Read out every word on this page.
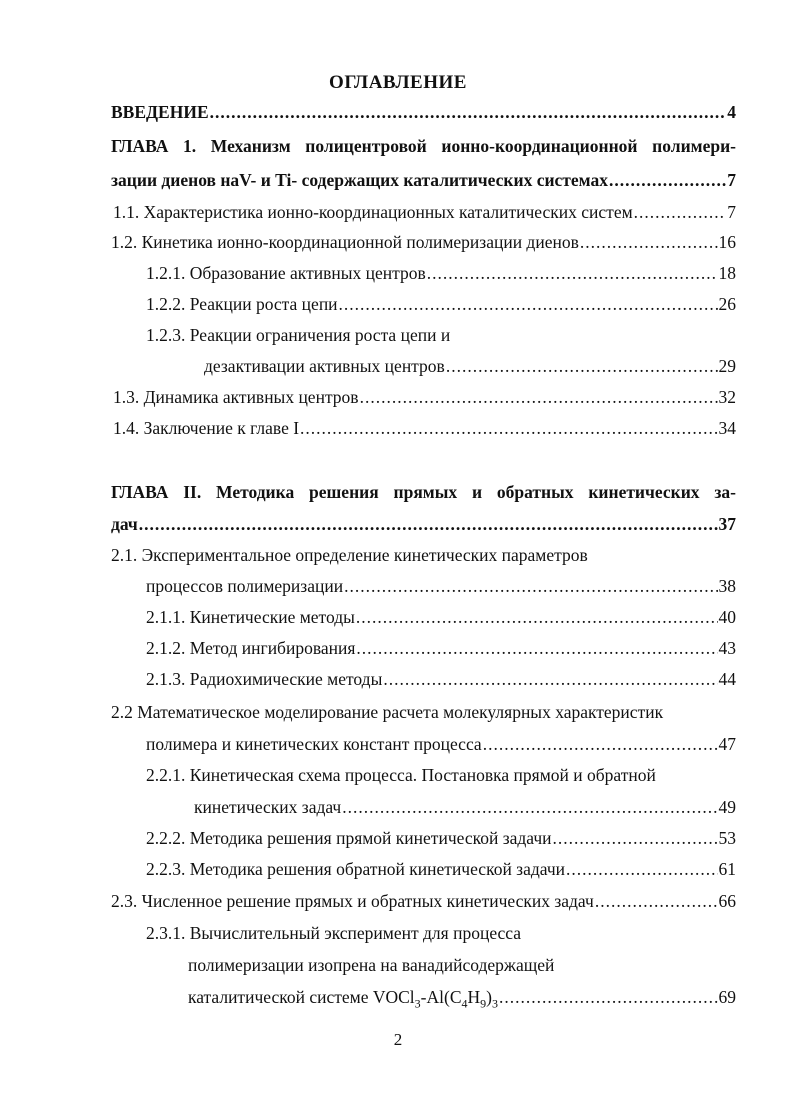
ОГЛАВЛЕНИЕ
ВВЕДЕНИЕ .....	4
ГЛАВА 1. Механизм полицентровой ионно-координационной полимери-
зации диенов наV- и Ti- содержащих каталитических системах .....	7
1.1. Характеристика ионно-координационных каталитических систем .....	7
1.2. Кинетика ионно-координационной полимеризации диенов .....	16
1.2.1. Образование активных центров .....	18
1.2.2. Реакции роста цепи .....	26
1.2.3. Реакции ограничения роста цепи и
дезактивации активных центров .....	29
1.3. Динамика активных центров .....	32
1.4. Заключение к главе I .....	34
ГЛАВА II. Методика решения прямых и обратных кинетических за-
дач .....	37
2.1. Экспериментальное определение кинетических параметров
процессов полимеризации .....	38
2.1.1. Кинетические методы .....	40
2.1.2. Метод ингибирования .....	43
2.1.3. Радиохимические методы .....	44
2.2 Математическое моделирование расчета молекулярных характеристик
полимера и кинетических констант процесса .....	47
2.2.1. Кинетическая схема процесса. Постановка прямой и обратной
кинетических задач .....	49
2.2.2. Методика решения прямой кинетической задачи .....	53
2.2.3. Методика решения обратной кинетической задачи .....	61
2.3. Численное решение прямых и обратных кинетических задач .....	66
2.3.1. Вычислительный эксперимент для процесса
полимеризации изопрена на ванадийсодержащей
каталитической системе $VOCl_3-Al(C_4H_9)_3$ .....	69
2
